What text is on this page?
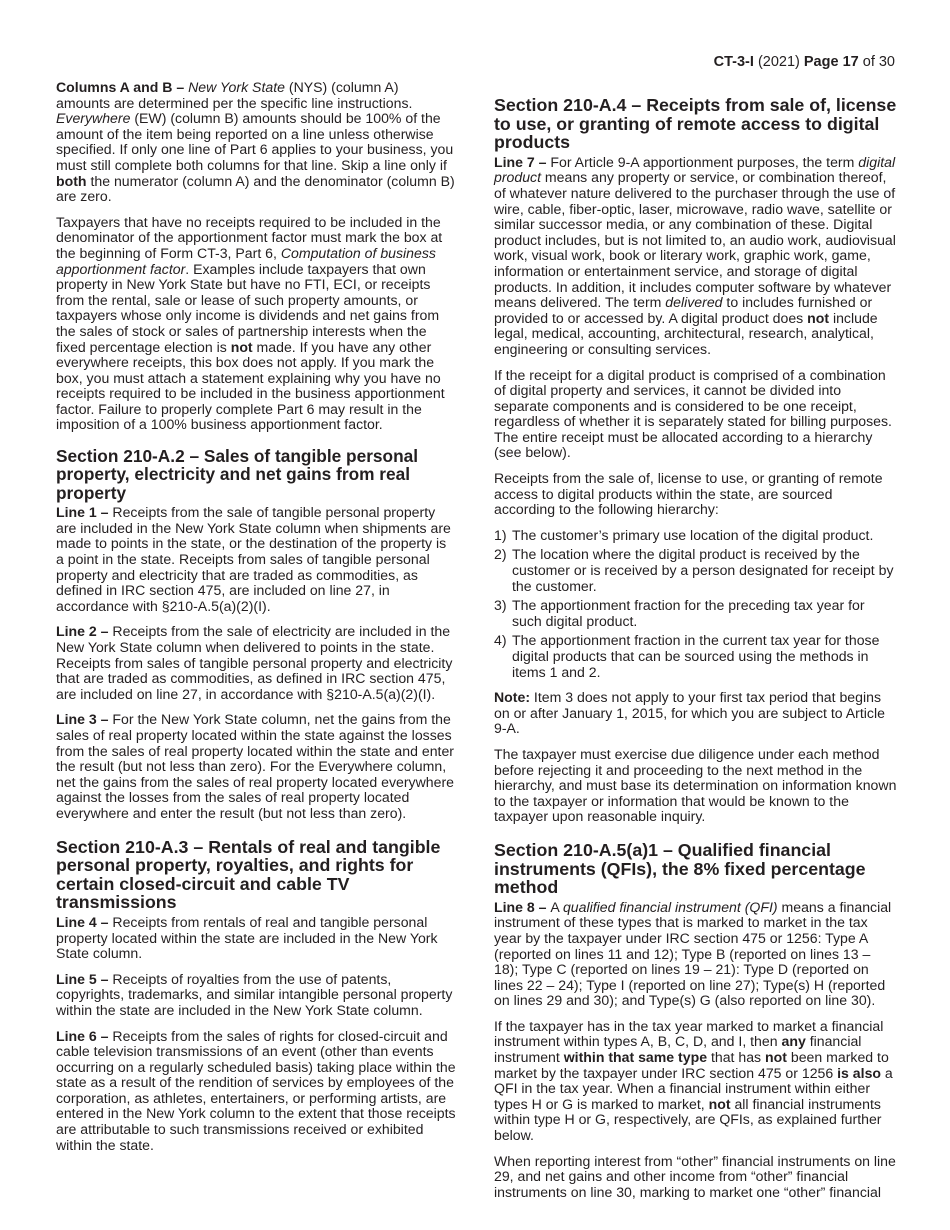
CT-3-I (2021) Page 17 of 30

Columns A and B – New York State (NYS) (column A) amounts are determined per the specific line instructions. Everywhere (EW) (column B) amounts should be 100% of the amount of the item being reported on a line unless otherwise specified. If only one line of Part 6 applies to your business, you must still complete both columns for that line. Skip a line only if both the numerator (column A) and the denominator (column B) are zero.

Taxpayers that have no receipts required to be included in the denominator of the apportionment factor must mark the box at the beginning of Form CT-3, Part 6, Computation of business apportionment factor. Examples include taxpayers that own property in New York State but have no FTI, ECI, or receipts from the rental, sale or lease of such property amounts, or taxpayers whose only income is dividends and net gains from the sales of stock or sales of partnership interests when the fixed percentage election is not made. If you have any other everywhere receipts, this box does not apply. If you mark the box, you must attach a statement explaining why you have no receipts required to be included in the business apportionment factor. Failure to properly complete Part 6 may result in the imposition of a 100% business apportionment factor.

Section 210-A.2 – Sales of tangible personal property, electricity and net gains from real property

Line 1 – Receipts from the sale of tangible personal property are included in the New York State column when shipments are made to points in the state, or the destination of the property is a point in the state. Receipts from sales of tangible personal property and electricity that are traded as commodities, as defined in IRC section 475, are included on line 27, in accordance with §210-A.5(a)(2)(I).

Line 2 – Receipts from the sale of electricity are included in the New York State column when delivered to points in the state. Receipts from sales of tangible personal property and electricity that are traded as commodities, as defined in IRC section 475, are included on line 27, in accordance with §210-A.5(a)(2)(I).

Line 3 – For the New York State column, net the gains from the sales of real property located within the state against the losses from the sales of real property located within the state and enter the result (but not less than zero). For the Everywhere column, net the gains from the sales of real property located everywhere against the losses from the sales of real property located everywhere and enter the result (but not less than zero).

Section 210-A.3 – Rentals of real and tangible personal property, royalties, and rights for certain closed-circuit and cable TV transmissions

Line 4 – Receipts from rentals of real and tangible personal property located within the state are included in the New York State column.

Line 5 – Receipts of royalties from the use of patents, copyrights, trademarks, and similar intangible personal property within the state are included in the New York State column.

Line 6 – Receipts from the sales of rights for closed-circuit and cable television transmissions of an event (other than events occurring on a regularly scheduled basis) taking place within the state as a result of the rendition of services by employees of the corporation, as athletes, entertainers, or performing artists, are entered in the New York column to the extent that those receipts are attributable to such transmissions received or exhibited within the state.

Section 210-A.4 – Receipts from sale of, license to use, or granting of remote access to digital products

Line 7 – For Article 9-A apportionment purposes, the term digital product means any property or service, or combination thereof, of whatever nature delivered to the purchaser through the use of wire, cable, fiber-optic, laser, microwave, radio wave, satellite or similar successor media, or any combination of these. Digital product includes, but is not limited to, an audio work, audiovisual work, visual work, book or literary work, graphic work, game, information or entertainment service, and storage of digital products. In addition, it includes computer software by whatever means delivered. The term delivered to includes furnished or provided to or accessed by. A digital product does not include legal, medical, accounting, architectural, research, analytical, engineering or consulting services.

If the receipt for a digital product is comprised of a combination of digital property and services, it cannot be divided into separate components and is considered to be one receipt, regardless of whether it is separately stated for billing purposes. The entire receipt must be allocated according to a hierarchy (see below).

Receipts from the sale of, license to use, or granting of remote access to digital products within the state, are sourced according to the following hierarchy:

1) The customer’s primary use location of the digital product.
2) The location where the digital product is received by the customer or is received by a person designated for receipt by the customer.
3) The apportionment fraction for the preceding tax year for such digital product.
4) The apportionment fraction in the current tax year for those digital products that can be sourced using the methods in items 1 and 2.

Note: Item 3 does not apply to your first tax period that begins on or after January 1, 2015, for which you are subject to Article 9-A.

The taxpayer must exercise due diligence under each method before rejecting it and proceeding to the next method in the hierarchy, and must base its determination on information known to the taxpayer or information that would be known to the taxpayer upon reasonable inquiry.

Section 210-A.5(a)1 – Qualified financial instruments (QFIs), the 8% fixed percentage method

Line 8 – A qualified financial instrument (QFI) means a financial instrument of these types that is marked to market in the tax year by the taxpayer under IRC section 475 or 1256: Type A (reported on lines 11 and 12); Type B (reported on lines 13 – 18); Type C (reported on lines 19 – 21): Type D (reported on lines 22 – 24); Type I (reported on line 27); Type(s) H (reported on lines 29 and 30); and Type(s) G (also reported on line 30).

If the taxpayer has in the tax year marked to market a financial instrument within types A, B, C, D, and I, then any financial instrument within that same type that has not been marked to market by the taxpayer under IRC section 475 or 1256 is also a QFI in the tax year. When a financial instrument within either types H or G is marked to market, not all financial instruments within type H or G, respectively, are QFIs, as explained further below.

When reporting interest from “other” financial instruments on line 29, and net gains and other income from “other” financial instruments on line 30, marking to market one “other” financial
